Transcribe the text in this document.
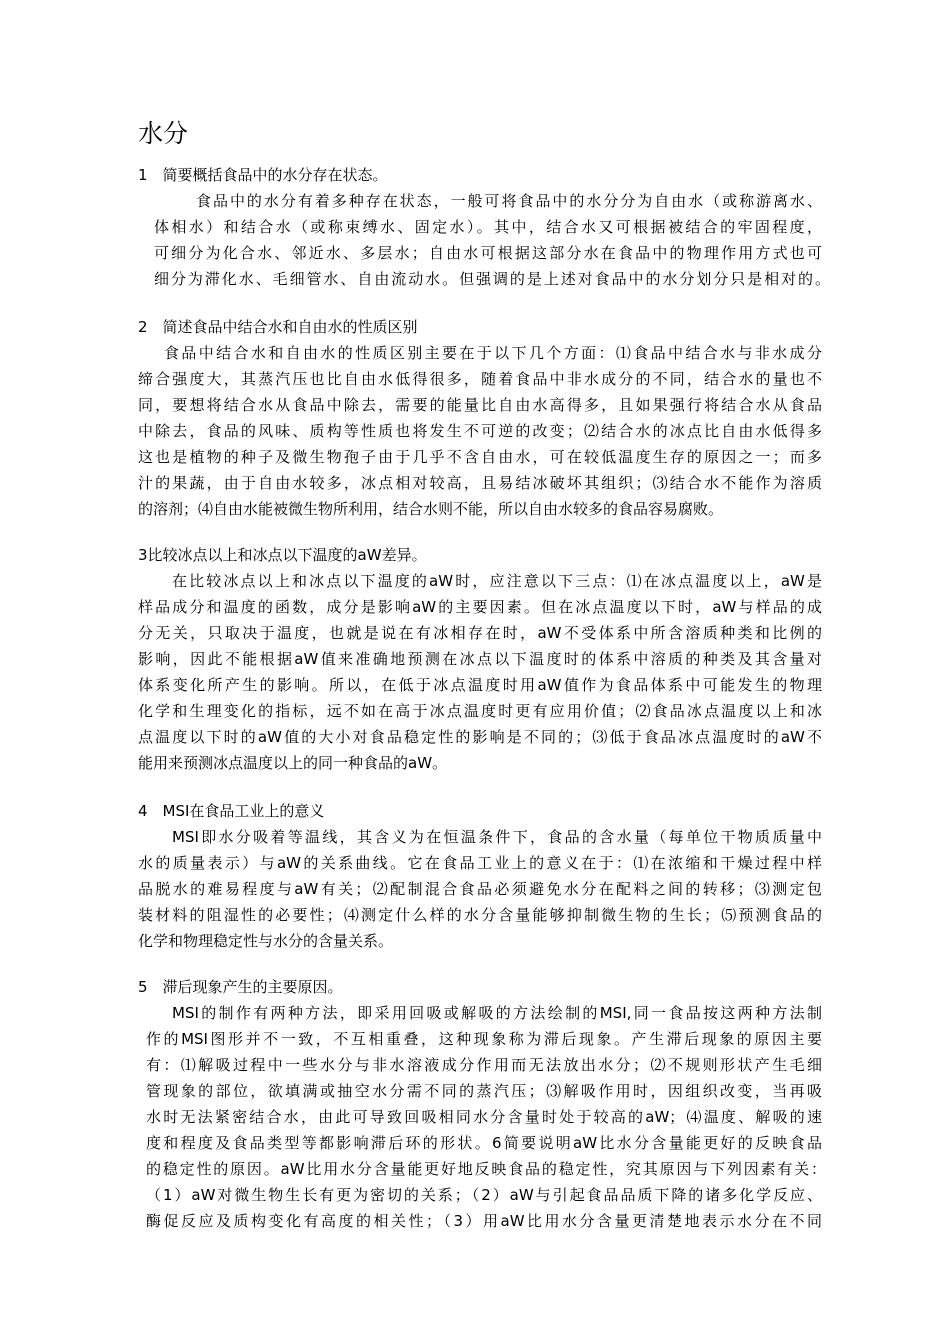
水分
1　简要概括食品中的水分存在状态。
食品中的水分有着多种存在状态，一般可将食品中的水分分为自由水（或称游离水、
体相水）和结合水（或称束缚水、固定水）。其中，结合水又可根据被结合的牢固程度，
可细分为化合水、邻近水、多层水；自由水可根据这部分水在食品中的物理作用方式也可
细分为滞化水、毛细管水、自由流动水。但强调的是上述对食品中的水分划分只是相对的。
2　简述食品中结合水和自由水的性质区别
食品中结合水和自由水的性质区别主要在于以下几个方面：⑴食品中结合水与非水成分
缔合强度大，其蒸汽压也比自由水低得很多，随着食品中非水成分的不同，结合水的量也不
同，要想将结合水从食品中除去，需要的能量比自由水高得多，且如果强行将结合水从食品
中除去，食品的风味、质构等性质也将发生不可逆的改变；⑵结合水的冰点比自由水低得多
这也是植物的种子及微生物孢子由于几乎不含自由水，可在较低温度生存的原因之一；而多
汁的果蔬，由于自由水较多，冰点相对较高，且易结冰破坏其组织；⑶结合水不能作为溶质
的溶剂；⑷自由水能被微生物所利用，结合水则不能，所以自由水较多的食品容易腐败。
3比较冰点以上和冰点以下温度的aW差异。
在比较冰点以上和冰点以下温度的aW时，应注意以下三点：⑴在冰点温度以上，aW是
样品成分和温度的函数，成分是影响aW的主要因素。但在冰点温度以下时，aW与样品的成
分无关，只取决于温度，也就是说在有冰相存在时，aW不受体系中所含溶质种类和比例的
影响，因此不能根据aW值来准确地预测在冰点以下温度时的体系中溶质的种类及其含量对
体系变化所产生的影响。所以，在低于冰点温度时用aW值作为食品体系中可能发生的物理
化学和生理变化的指标，远不如在高于冰点温度时更有应用价值；⑵食品冰点温度以上和冰
点温度以下时的aW值的大小对食品稳定性的影响是不同的；⑶低于食品冰点温度时的aW不
能用来预测冰点温度以上的同一种食品的aW。
4　MSI在食品工业上的意义
MSI即水分吸着等温线，其含义为在恒温条件下，食品的含水量（每单位干物质质量中
水的质量表示）与aW的关系曲线。它在食品工业上的意义在于：⑴在浓缩和干燥过程中样
品脱水的难易程度与aW有关；⑵配制混合食品必须避免水分在配料之间的转移；⑶测定包
装材料的阻湿性的必要性；⑷测定什么样的水分含量能够抑制微生物的生长；⑸预测食品的
化学和物理稳定性与水分的含量关系。
5　滞后现象产生的主要原因。
MSI的制作有两种方法，即采用回吸或解吸的方法绘制的MSI,同一食品按这两种方法制
作的MSI图形并不一致，不互相重叠，这种现象称为滞后现象。产生滞后现象的原因主要
有：⑴解吸过程中一些水分与非水溶液成分作用而无法放出水分；⑵不规则形状产生毛细
管现象的部位，欲填满或抽空水分需不同的蒸汽压；⑶解吸作用时，因组织改变，当再吸
水时无法紧密结合水，由此可导致回吸相同水分含量时处于较高的aW；⑷温度、解吸的速
度和程度及食品类型等都影响滞后环的形状。6简要说明aW比水分含量能更好的反映食品
的稳定性的原因。aW比用水分含量能更好地反映食品的稳定性，究其原因与下列因素有关：
（1）aW对微生物生长有更为密切的关系；（2）aW与引起食品品质下降的诸多化学反应、
酶促反应及质构变化有高度的相关性；（3）用aW比用水分含量更清楚地表示水分在不同
